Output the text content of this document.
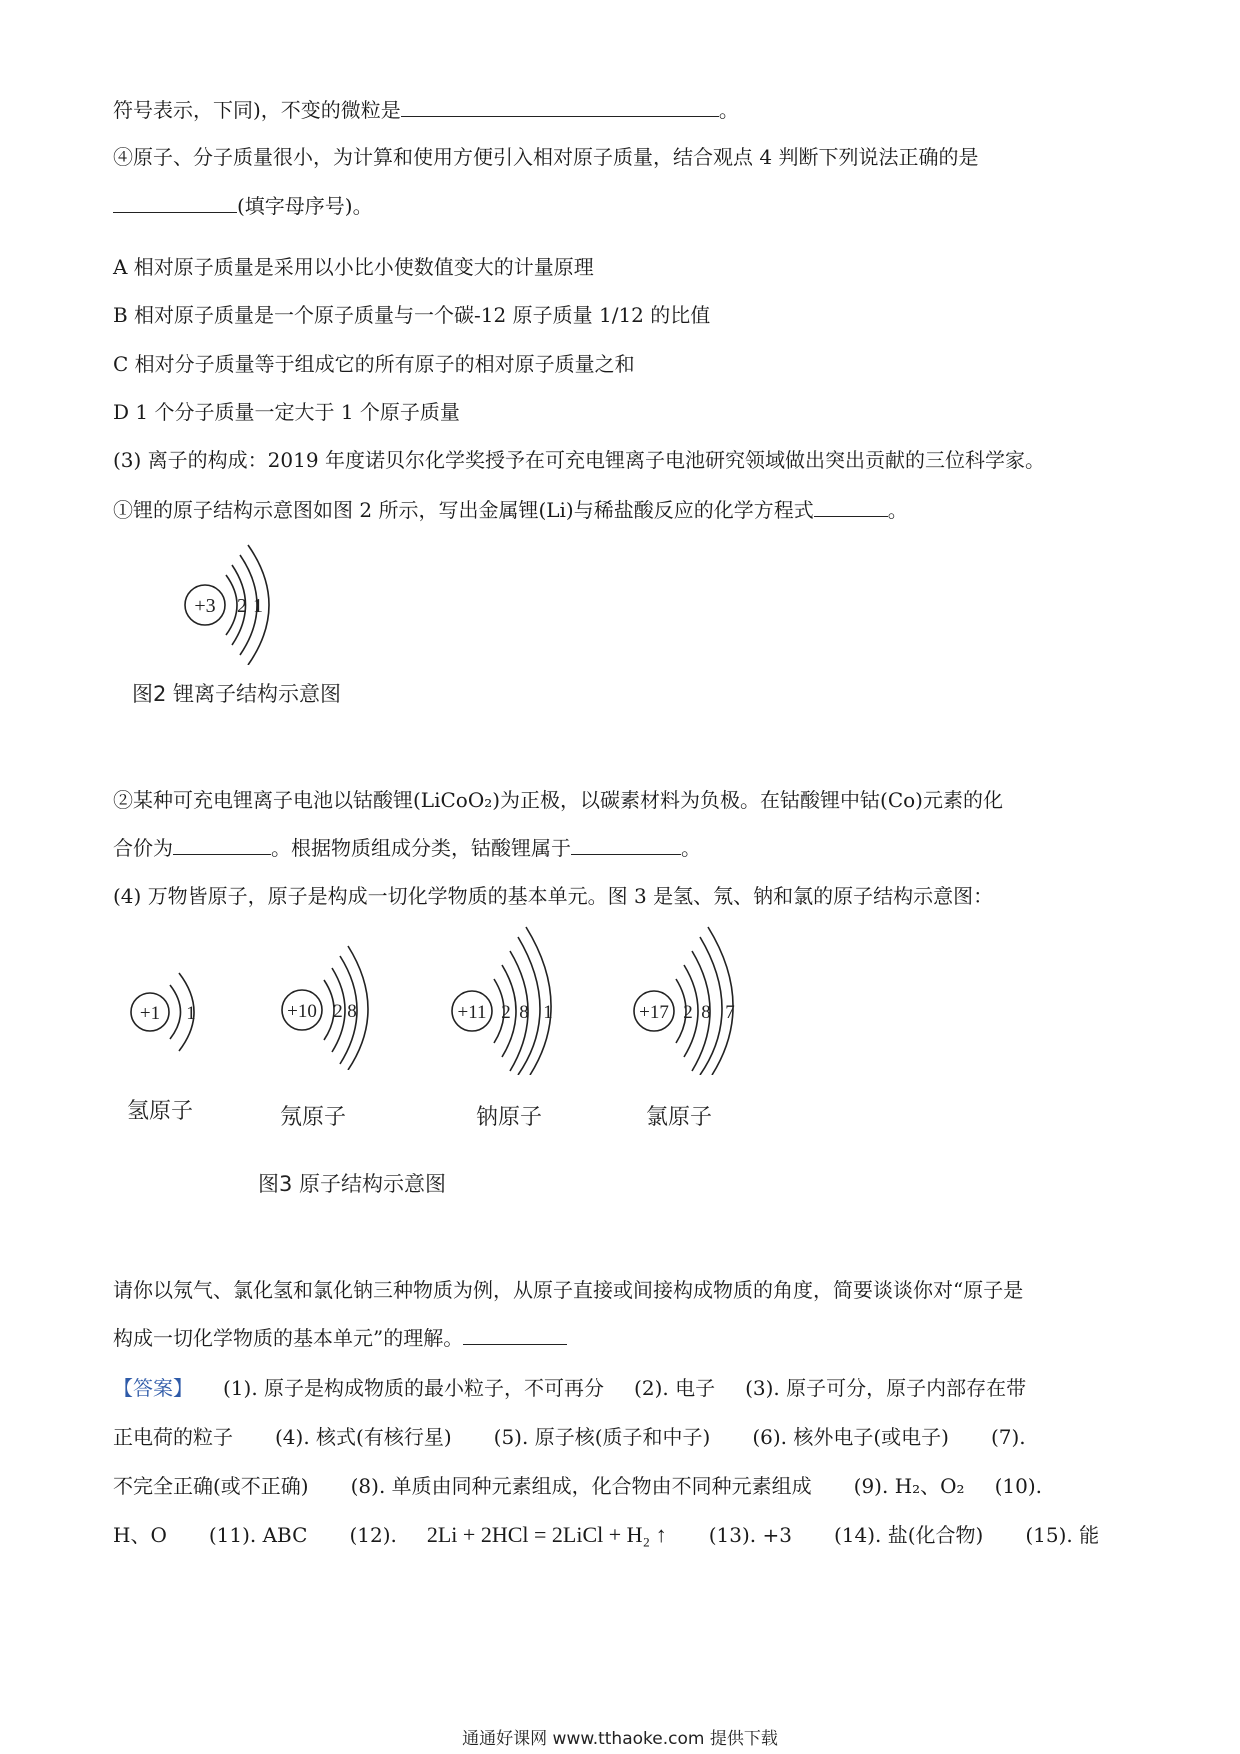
符号表示，下同)，不变的微粒是	。
④原子、分子质量很小，为计算和使用方便引入相对原子质量，结合观点 4 判断下列说法正确的是
(填字母序号)。
A 相对原子质量是采用以小比小使数值变大的计量原理
B 相对原子质量是一个原子质量与一个碳-12 原子质量 1/12 的比值
C 相对分子质量等于组成它的所有原子的相对原子质量之和
D 1 个分子质量一定大于 1 个原子质量
(3) 离子的构成：2019 年度诺贝尔化学奖授予在可充电锂离子电池研究领域做出突出贡献的三位科学家。
①锂的原子结构示意图如图 2 所示，写出金属锂(Li)与稀盐酸反应的化学方程式	。
+3 2 1
图2 锂离子结构示意图
②某种可充电锂离子电池以钴酸锂(LiCoO₂)为正极，以碳素材料为负极。在钴酸锂中钴(Co)元素的化
合价为	。根据物质组成分类，钴酸锂属于	。
(4) 万物皆原子，原子是构成一切化学物质的基本单元。图 3 是氢、氖、钠和氯的原子结构示意图：
+1 1
氢原子
+10 2 8
氖原子
+11 2 8 1
钠原子
+17 2 8 7
氯原子
图3 原子结构示意图
请你以氖气、氯化氢和氯化钠三种物质为例，从原子直接或间接构成物质的角度，简要谈谈你对“原子是
构成一切化学物质的基本单元”的理解。
【答案】 (1). 原子是构成物质的最小粒子，不可再分 (2). 电子 (3). 原子可分，原子内部存在带
正电荷的粒子 (4). 核式(有核行星) (5). 原子核(质子和中子) (6). 核外电子(或电子) (7).
不完全正确(或不正确) (8). 单质由同种元素组成，化合物由不同种元素组成 (9). H₂、O₂ (10).
H、O (11). ABC (12). 2Li + 2HCl = 2LiCl + H₂ ↑ (13). +3 (14). 盐(化合物) (15). 能
通通好课网 www.tthaoke.com 提供下载
